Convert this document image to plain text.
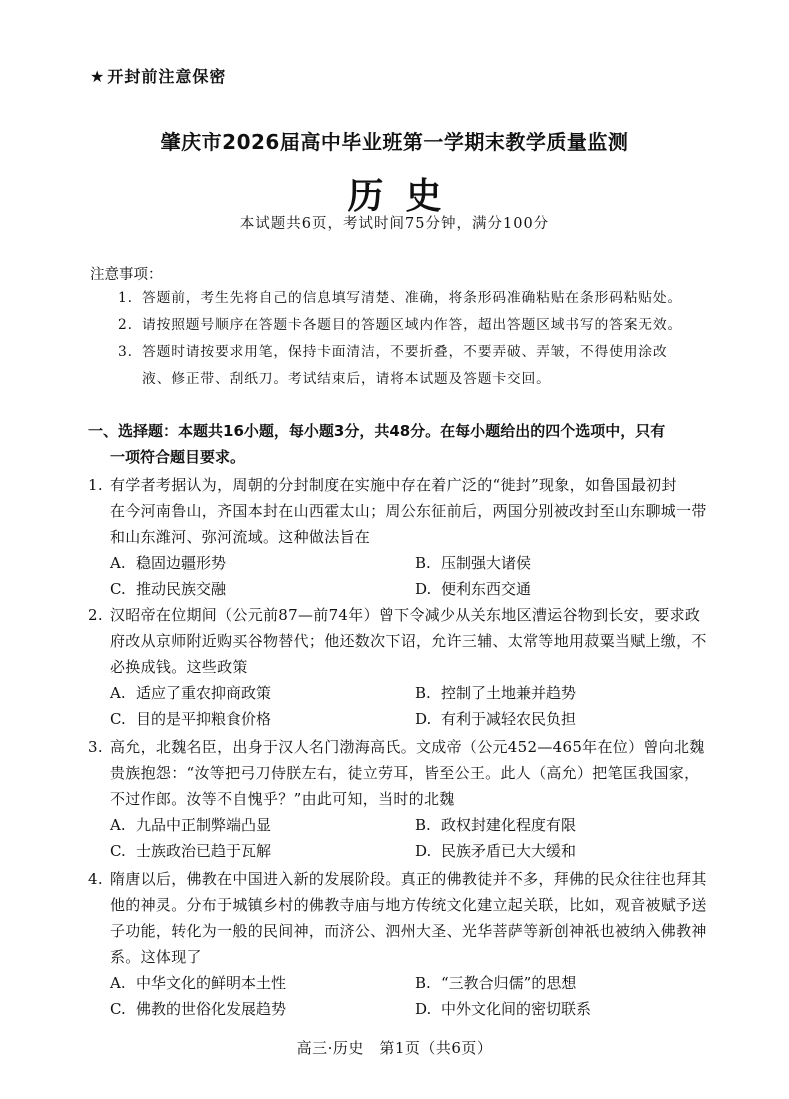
★ 开封前注意保密
肇庆市2026届高中毕业班第一学期末教学质量监测
历史
本试题共6页，考试时间75分钟，满分100分
注意事项：
1. 答题前，考生先将自己的信息填写清楚、准确，将条形码准确粘贴在条形码粘贴处。
2. 请按照题号顺序在答题卡各题目的答题区域内作答，超出答题区域书写的答案无效。
3. 答题时请按要求用笔，保持卡面清洁，不要折叠，不要弄破、弄皱，不得使用涂改
液、修正带、刮纸刀。考试结束后，请将本试题及答题卡交回。
一、选择题：本题共16小题，每小题3分，共48分。在每小题给出的四个选项中，只有
一项符合题目要求。
1. 有学者考据认为，周朝的分封制度在实施中存在着广泛的“徙封”现象，如鲁国最初封
在今河南鲁山，齐国本封在山西霍太山；周公东征前后，两国分别被改封至山东聊城一带
和山东潍河、弥河流域。这种做法旨在
A. 稳固边疆形势	B. 压制强大诸侯
C. 推动民族交融	D. 便利东西交通
2. 汉昭帝在位期间（公元前87—前74年）曾下令减少从关东地区漕运谷物到长安，要求政
府改从京师附近购买谷物替代；他还数次下诏，允许三辅、太常等地用菽粟当赋上缴，不
必换成钱。这些政策
A. 适应了重农抑商政策	B. 控制了土地兼并趋势
C. 目的是平抑粮食价格	D. 有利于减轻农民负担
3. 高允，北魏名臣，出身于汉人名门渤海高氏。文成帝（公元452—465年在位）曾向北魏
贵族抱怨：“汝等把弓刀侍朕左右，徒立劳耳，皆至公王。此人（高允）把笔匡我国家，
不过作郎。汝等不自愧乎？”由此可知，当时的北魏
A. 九品中正制弊端凸显	B. 政权封建化程度有限
C. 士族政治已趋于瓦解	D. 民族矛盾已大大缓和
4. 隋唐以后，佛教在中国进入新的发展阶段。真正的佛教徒并不多，拜佛的民众往往也拜其
他的神灵。分布于城镇乡村的佛教寺庙与地方传统文化建立起关联，比如，观音被赋予送
子功能，转化为一般的民间神，而济公、泗州大圣、光华菩萨等新创神祇也被纳入佛教神
系。这体现了
A. 中华文化的鲜明本土性	B. “三教合归儒”的思想
C. 佛教的世俗化发展趋势	D. 中外文化间的密切联系
高三·历史　第1页（共6页）
